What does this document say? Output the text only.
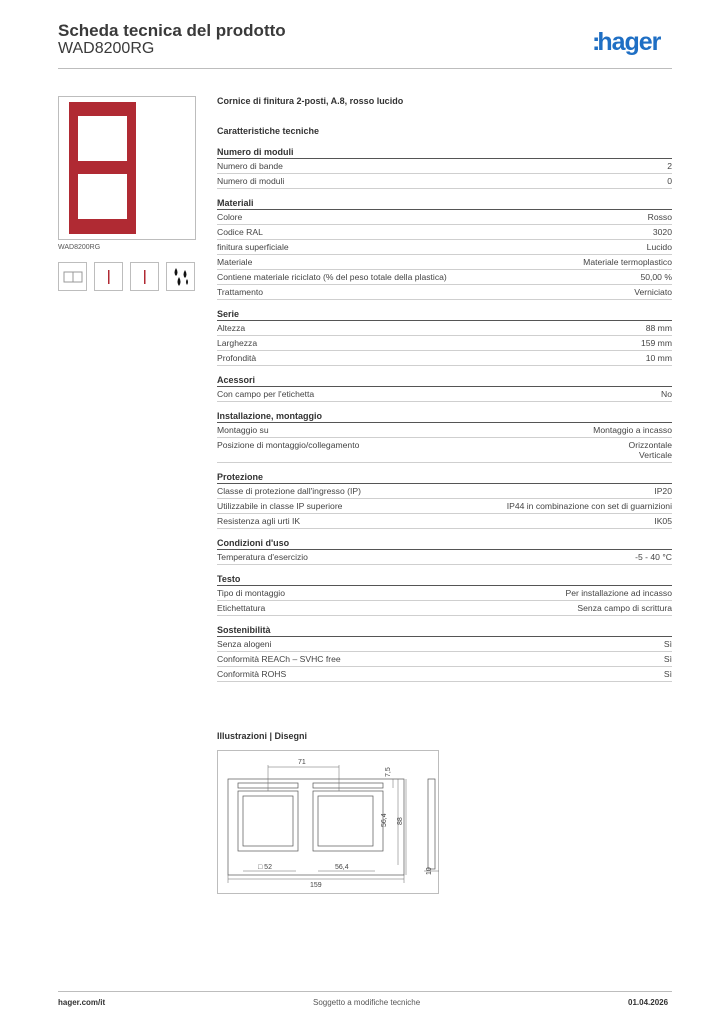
Scheda tecnica del prodotto
WAD8200RG	:hager
WAD8200RG
Cornice di finitura 2-posti, A.8, rosso lucido
Caratteristiche tecniche
Numero di moduli
Numero di bande	2
Numero di moduli	0
Materiali
Colore	Rosso
Codice RAL	3020
finitura superficiale	Lucido
Materiale	Materiale termoplastico
Contiene materiale riciclato (% del peso totale della plastica)	50,00 %
Trattamento	Verniciato
Serie
Altezza	88 mm
Larghezza	159 mm
Profondità	10 mm
Acessori
Con campo per l'etichetta	No
Installazione, montaggio
Montaggio su	Montaggio a incasso
Posizione di montaggio/collegamento	Orizzontale
Verticale
Protezione
Classe di protezione dall'ingresso (IP)	IP20
Utilizzabile in classe IP superiore	IP44 in combinazione con set di guarnizioni
Resistenza agli urti IK	IK05
Condizioni d'uso
Temperatura d'esercizio	-5 - 40 °C
Testo
Tipo di montaggio	Per installazione ad incasso
Etichettatura	Senza campo di scrittura
Sostenibilità
Senza alogeni	Sì
Conformità REACh – SVHC free	Sì
Conformità ROHS	Sì
Illustrazioni | Disegni
71
7,5
56,4 88
□ 52	56,4
159
10
hager.com/it	Soggetto a modifiche tecniche	01.04.2026
